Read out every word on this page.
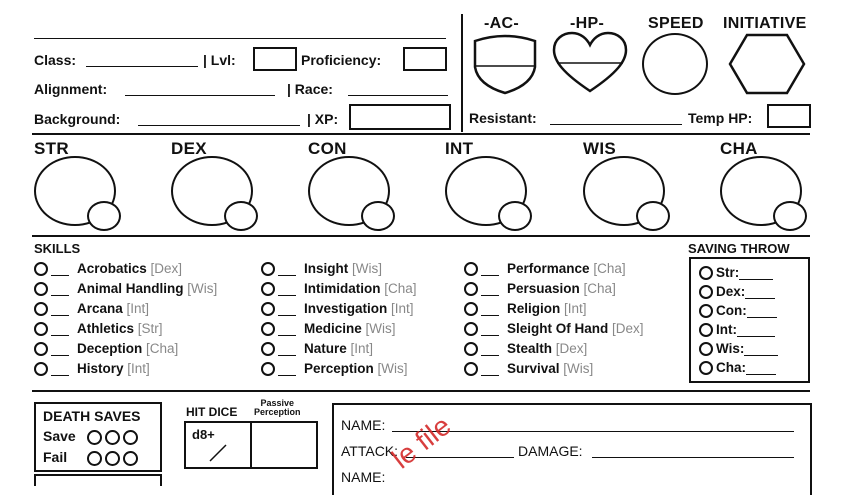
Class:	| Lvl:	Proficiency:
Alignment:	| Race:
Background:	| XP:
-AC-	-HP-	SPEED INITIATIVE
Resistant:	Temp HP:
STR	DEX	CON	INT	WIS	CHA
SKILLS
Acrobatics [Dex]
Animal Handling [Wis]
Arcana [Int]
Athletics [Str]
Deception [Cha]
History [Int]
Insight [Wis]
Intimidation [Cha]
Investigation [Int]
Medicine [Wis]
Nature [Int]
Perception [Wis]
Performance [Cha]
Persuasion [Cha]
Religion [Int]
Sleight Of Hand [Dex]
Stealth [Dex]
Survival [Wis]
SAVING THROW
Str:
Dex:
Con:
Int:
Wis:
Cha:
DEATH SAVES
Save
Fail
HIT DICE
Passive
Perception
d8+
NAME:
ATTACK:	DAMAGE:
NAME:
le file
